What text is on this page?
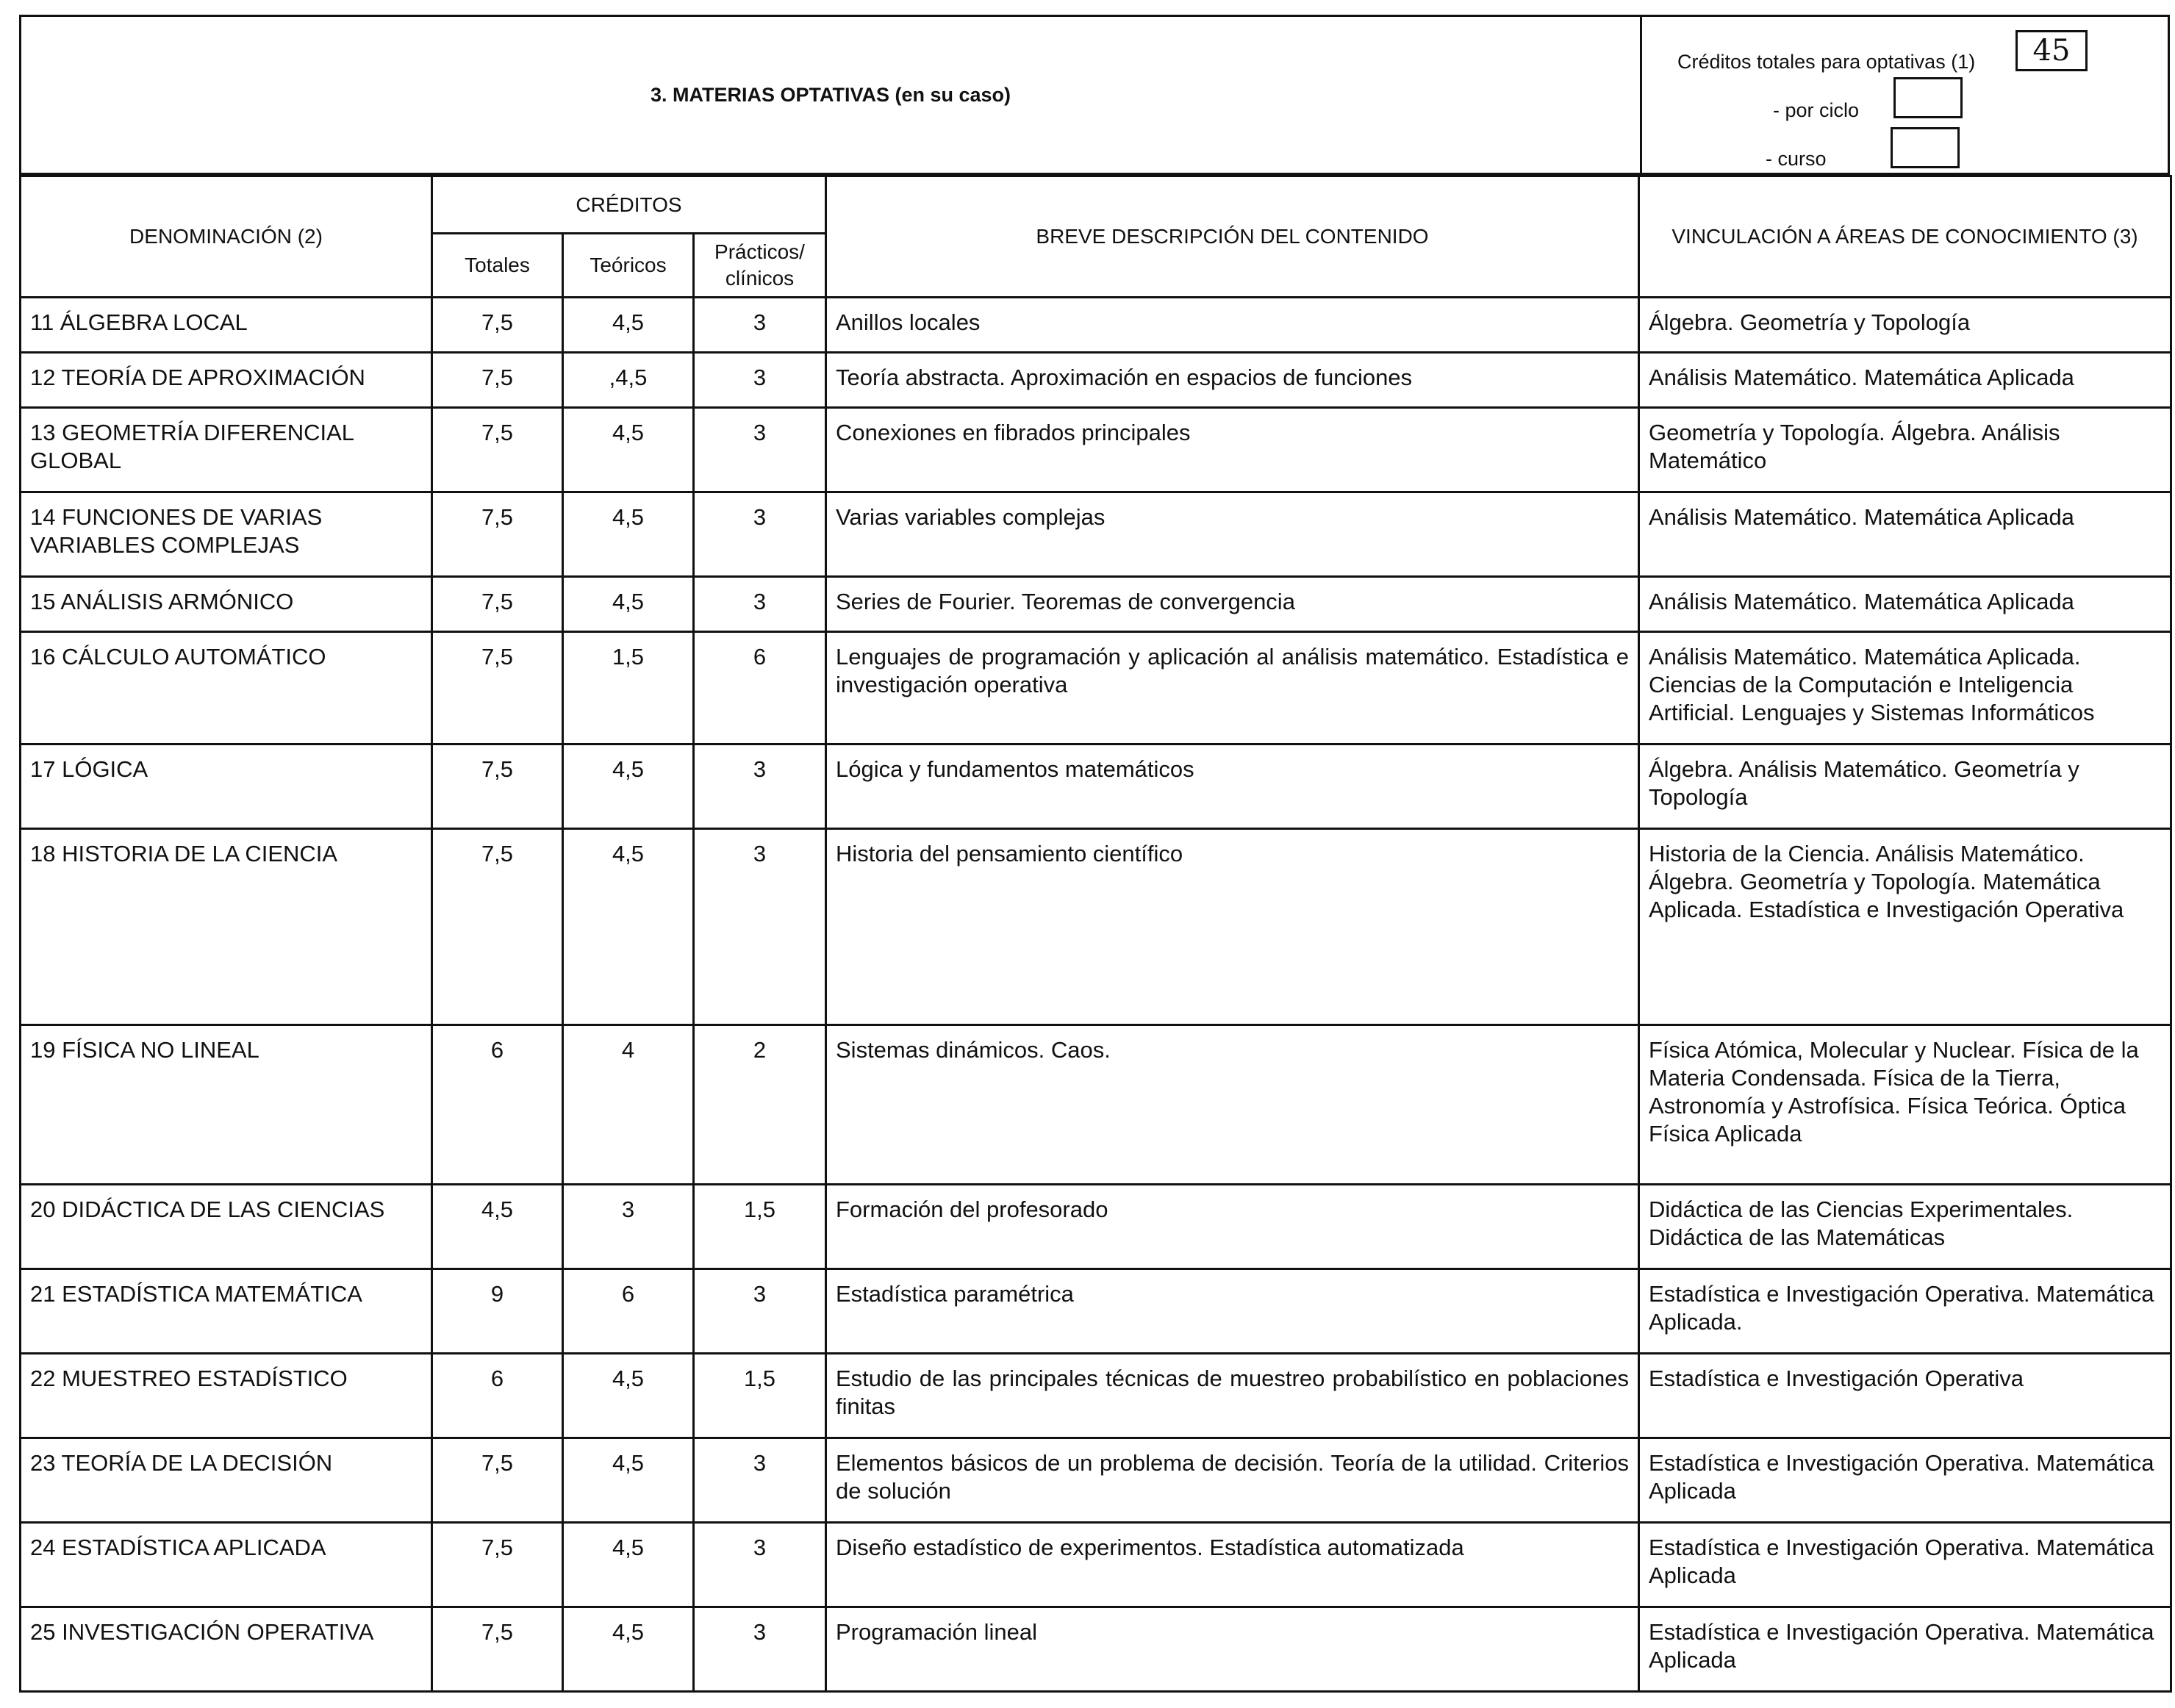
3. MATERIAS OPTATIVAS (en su caso)
Créditos totales para optativas (1)	45
- por ciclo
- curso
DENOMINACIÓN (2)	CRÉDITOS			BREVE DESCRIPCIÓN DEL CONTENIDO	VINCULACIÓN A ÁREAS DE CONOCIMIENTO (3)
	Totales	Teóricos	Prácticos/ clínicos		
11 ÁLGEBRA LOCAL	7,5	4,5	3	Anillos locales	Álgebra. Geometría y Topología
12 TEORÍA DE APROXIMACIÓN	7,5	,4,5	3	Teoría abstracta. Aproximación en espacios de funciones	Análisis Matemático. Matemática Aplicada
13 GEOMETRÍA DIFERENCIAL GLOBAL	7,5	4,5	3	Conexiones en fibrados principales	Geometría y Topología. Álgebra. Análisis Matemático
14 FUNCIONES DE VARIAS VARIABLES COMPLEJAS	7,5	4,5	3	Varias variables complejas	Análisis Matemático. Matemática Aplicada
15 ANÁLISIS ARMÓNICO	7,5	4,5	3	Series de Fourier. Teoremas de convergencia	Análisis Matemático. Matemática Aplicada
16 CÁLCULO AUTOMÁTICO	7,5	1,5	6	Lenguajes de programación y aplicación al análisis matemático. Estadística e investigación operativa	Análisis Matemático. Matemática Aplicada. Ciencias de la Computación e Inteligencia Artificial. Lenguajes y Sistemas Informáticos
17 LÓGICA	7,5	4,5	3	Lógica y fundamentos matemáticos	Álgebra. Análisis Matemático. Geometría y Topología
18 HISTORIA DE LA CIENCIA	7,5	4,5	3	Historia del pensamiento científico	Historia de la Ciencia. Análisis Matemático. Álgebra. Geometría y Topología. Matemática Aplicada. Estadística e Investigación Operativa
19 FÍSICA NO LINEAL	6	4	2	Sistemas dinámicos. Caos.	Física Atómica, Molecular y Nuclear. Física de la Materia Condensada. Física de la Tierra, Astronomía y Astrofísica. Física Teórica. Óptica
Física Aplicada
20 DIDÁCTICA DE LAS CIENCIAS	4,5	3	1,5	Formación del profesorado	Didáctica de las Ciencias Experimentales. Didáctica de las Matemáticas
21 ESTADÍSTICA MATEMÁTICA	9	6	3	Estadística paramétrica	Estadística e Investigación Operativa. Matemática Aplicada.
22 MUESTREO ESTADÍSTICO	6	4,5	1,5	Estudio de las principales técnicas de muestreo probabilístico en poblaciones finitas	Estadística e Investigación Operativa
23 TEORÍA DE LA DECISIÓN	7,5	4,5	3	Elementos básicos de un problema de decisión. Teoría de la utilidad. Criterios de solución	Estadística e Investigación Operativa. Matemática Aplicada
24 ESTADÍSTICA APLICADA	7,5	4,5	3	Diseño estadístico de experimentos. Estadística automatizada	Estadística e Investigación Operativa. Matemática Aplicada
25 INVESTIGACIÓN OPERATIVA	7,5	4,5	3	Programación lineal	Estadística e Investigación Operativa. Matemática Aplicada
